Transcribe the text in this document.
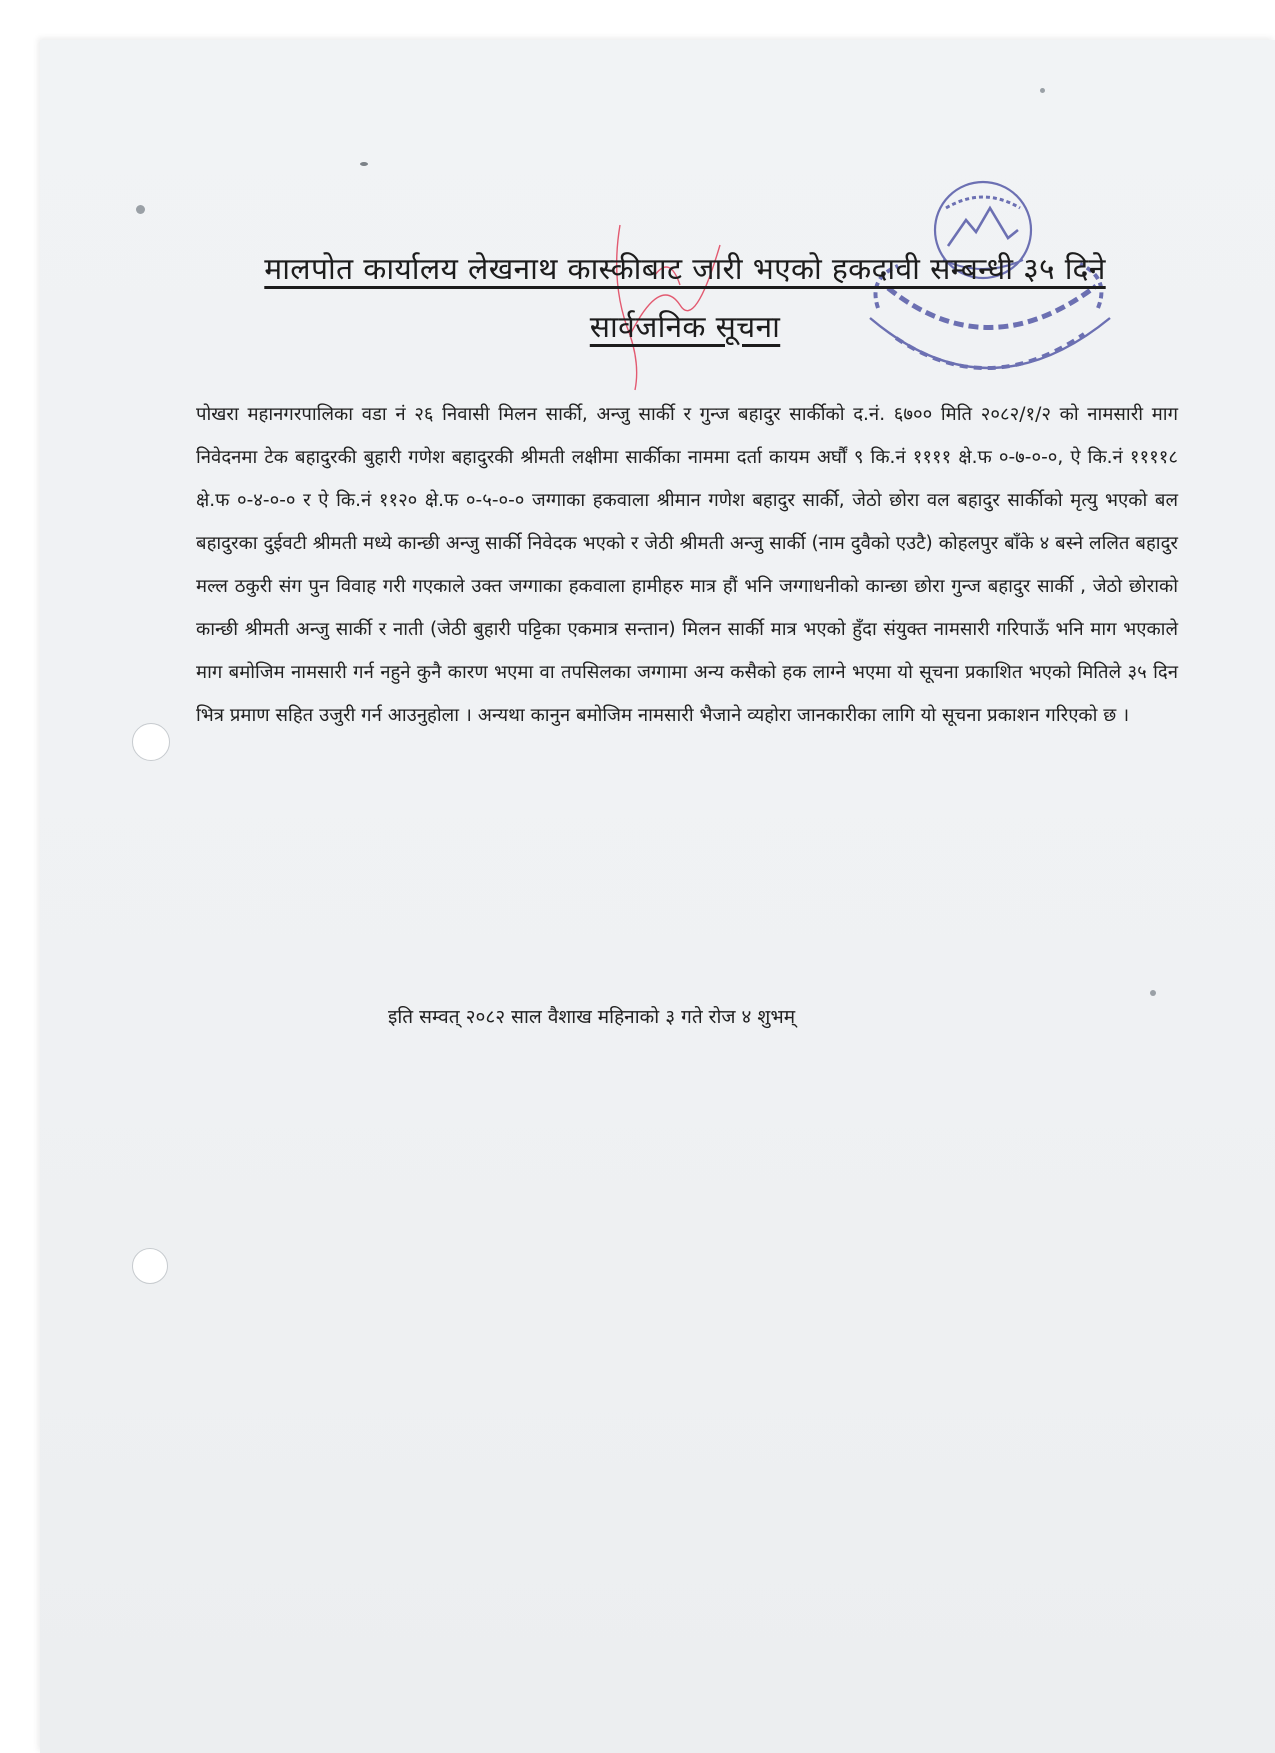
मालपोत कार्यालय लेखनाथ कास्कीबाट जारी भएको हकदावी सम्बन्धी ३५ दिने सार्वजनिक सूचना

पोखरा महानगरपालिका वडा नं २६ निवासी मिलन सार्की, अन्जु सार्की र गुन्ज बहादुर सार्कीको द.नं. ६७०० मिति २०८२/१/२ को नामसारी माग निवेदनमा टेक बहादुरकी बुहारी गणेश बहादुरकी श्रीमती लक्षीमा सार्कीका नाममा दर्ता कायम अर्घौं ९ कि.नं ११११ क्षे.फ ०-७-०-०, ऐ कि.नं ११११८ क्षे.फ ०-४-०-० र ऐ कि.नं ११२० क्षे.फ ०-५-०-० जग्गाका हकवाला श्रीमान गणेश बहादुर सार्की, जेठो छोरा वल बहादुर सार्कीको मृत्यु भएको बल बहादुरका दुईवटी श्रीमती मध्ये कान्छी अन्जु सार्की निवेदक भएको र जेठी श्रीमती अन्जु सार्की (नाम दुवैको एउटै) कोहलपुर बाँके ४ बस्ने ललित बहादुर मल्ल ठकुरी संग पुन विवाह गरी गएकाले उक्त जग्गाका हकवाला हामीहरु मात्र हौं भनि जग्गाधनीको कान्छा छोरा गुन्ज बहादुर सार्की , जेठो छोराको कान्छी श्रीमती अन्जु सार्की र नाती (जेठी बुहारी पट्टिका एकमात्र सन्तान) मिलन सार्की मात्र भएको हुँदा संयुक्त नामसारी गरिपाऊँ भनि माग भएकाले माग बमोजिम नामसारी गर्न नहुने कुनै कारण भएमा वा तपसिलका जग्गामा अन्य कसैको हक लाग्ने भएमा यो सूचना प्रकाशित भएको मितिले ३५ दिन भित्र प्रमाण सहित उजुरी गर्न आउनुहोला । अन्यथा कानुन बमोजिम नामसारी भैजाने व्यहोरा जानकारीका लागि यो सूचना प्रकाशन गरिएको छ ।

इति सम्वत् २०८२ साल वैशाख महिनाको ३ गते रोज ४ शुभम्
